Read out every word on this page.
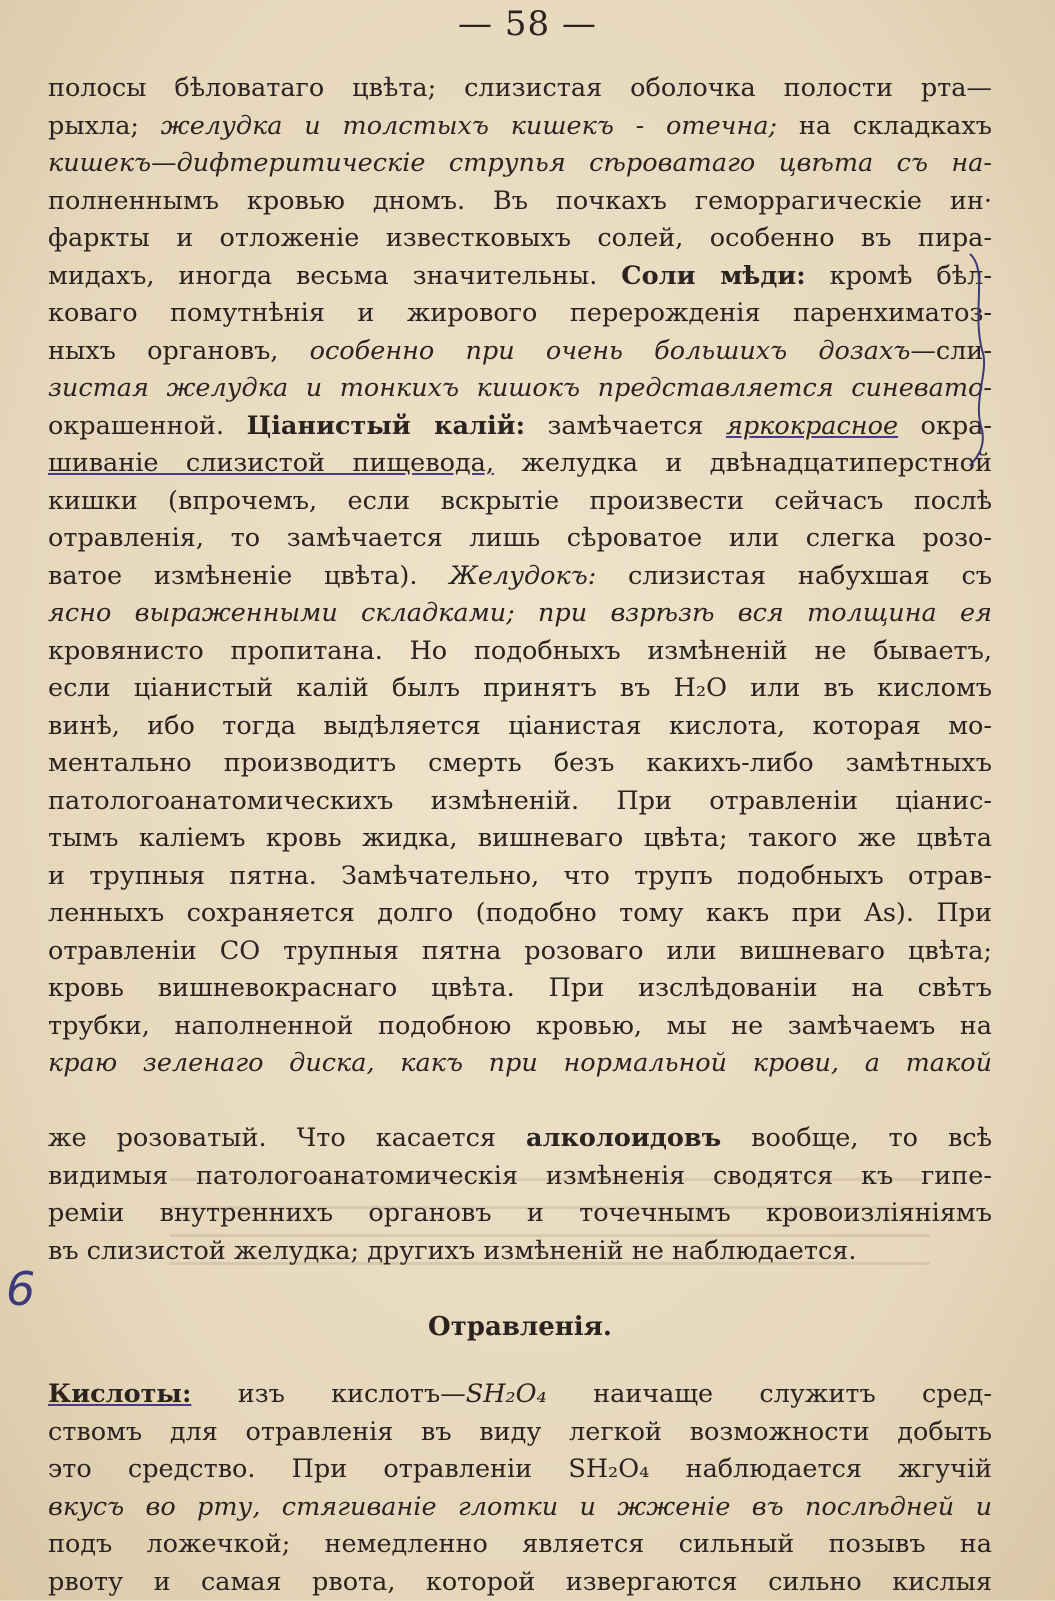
— 58 —
полосы бѣловатаго цвѣта; слизистая оболочка полости рта—
рыхла; желудка и толстыхъ кишекъ - отечна; на складкахъ
кишекъ—дифтеритическіе струпья сѣроватаго цвѣта съ на-
полненнымъ кровью дномъ. Въ почкахъ геморрагическіе ин·
фаркты и отложеніе известковыхъ солей, особенно въ пира-
мидахъ, иногда весьма значительны. Соли мѣди: кромѣ бѣл-
коваго помутнѣнія и жирового перерожденія паренхиматоз-
ныхъ органовъ, особенно при очень большихъ дозахъ—сли-
зистая желудка и тонкихъ кишокъ представляется синевато-
окрашенной. Ціанистый калій: замѣчается яркокрасное окра-
шиваніе слизистой пищевода, желудка и двѣнадцатиперстной
кишки (впрочемъ, если вскрытіе произвести сейчасъ послѣ
отравленія, то замѣчается лишь сѣроватое или слегка розо-
ватое измѣненіе цвѣта). Желудокъ: слизистая набухшая съ
ясно выраженными складками; при взрѣзѣ вся толщина ея
кровянисто пропитана. Но подобныхъ измѣненій не бываетъ,
если ціанистый калій былъ принятъ въ H₂O или въ кисломъ
винѣ, ибо тогда выдѣляется ціанистая кислота, которая мо-
ментально производитъ смерть безъ какихъ-либо замѣтныхъ
патологоанатомическихъ измѣненій. При отравленіи ціанис-
тымъ каліемъ кровь жидка, вишневаго цвѣта; такого же цвѣта
и трупныя пятна. Замѣчательно, что трупъ подобныхъ отрав-
ленныхъ сохраняется долго (подобно тому какъ при As). При
отравленіи CO трупныя пятна розоваго или вишневаго цвѣта;
кровь вишневокраснаго цвѣта. При изслѣдованіи на свѣтъ
трубки, наполненной подобною кровью, мы не замѣчаемъ на
краю зеленаго диска, какъ при нормальной крови, а такой
же розоватый. Что касается алколоидовъ вообще, то всѣ
видимыя патологоанатомическія измѣненія сводятся къ гипе-
реміи внутреннихъ органовъ и точечнымъ кровоизліяніямъ
въ слизистой желудка; другихъ измѣненій не наблюдается.
Отравленія.
Кислоты: изъ кислотъ—SH₂O₄ наичаще служитъ сред-
ствомъ для отравленія въ виду легкой возможности добыть
это средство. При отравленіи SH₂O₄ наблюдается жгучій
вкусъ во рту, стягиваніе глотки и жженіе въ послѣдней и
подъ ложечкой; немедленно является сильный позывъ на
рвоту и самая рвота, которой извергаются сильно кислыя
6
